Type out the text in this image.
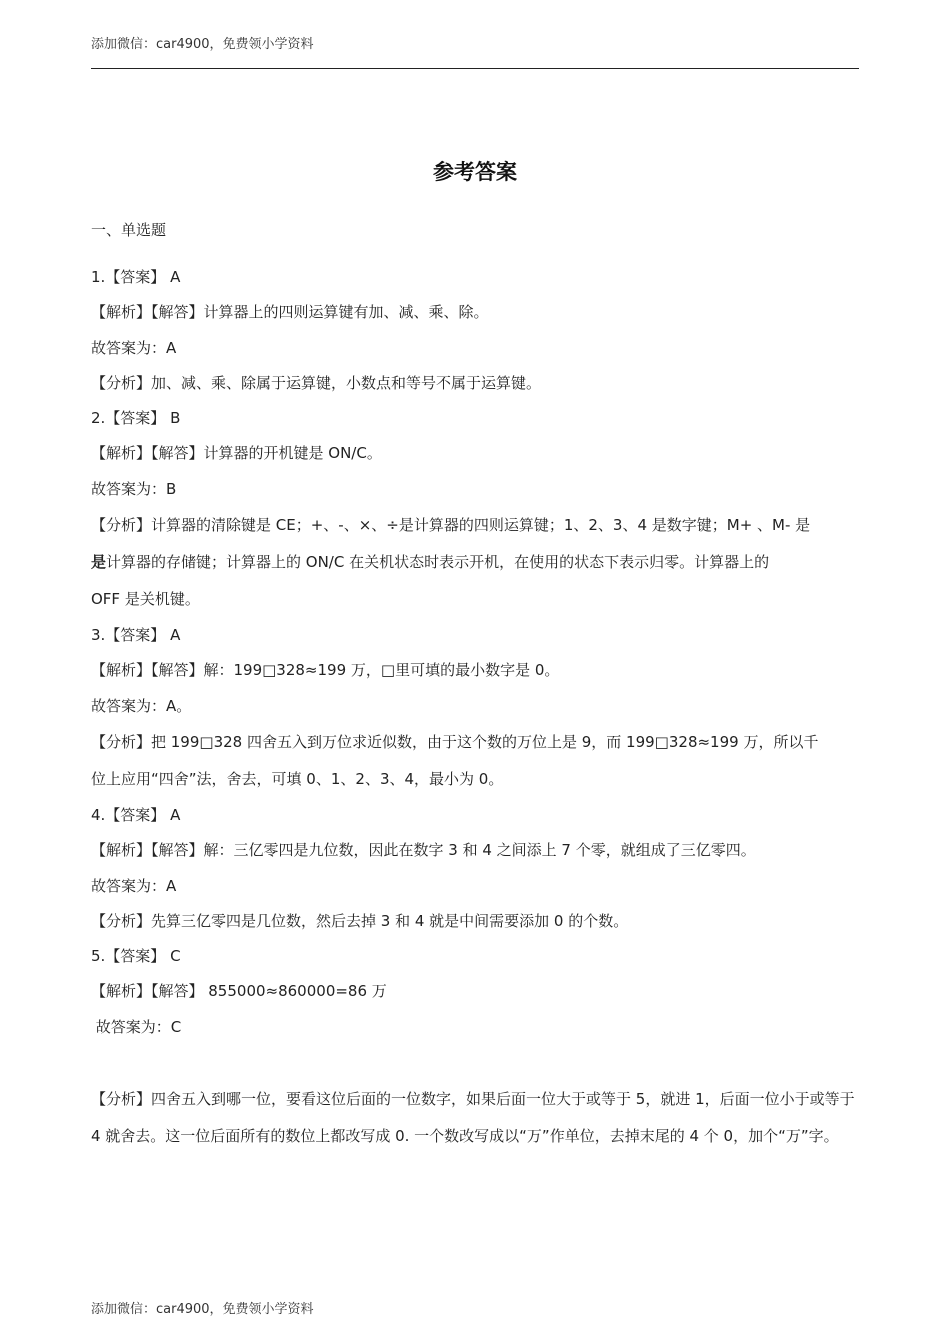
添加微信：car4900，免费领小学资料
参考答案
一、单选题
1.【答案】 A
【解析】【解答】计算器上的四则运算键有加、减、乘、除。
故答案为：A
【分析】加、减、乘、除属于运算键，小数点和等号不属于运算键。
2.【答案】 B
【解析】【解答】计算器的开机键是 ON/C。
故答案为：B
【分析】计算器的清除键是 CE；+、-、×、÷是计算器的四则运算键；1、2、3、4 是数字键；M+ 、M- 是
是计算器的存储键；计算器上的 ON/C 在关机状态时表示开机，在使用的状态下表示归零。计算器上的
OFF 是关机键。
3.【答案】 A
【解析】【解答】解：199□328≈199 万，□里可填的最小数字是 0。
故答案为：A。
【分析】把 199□328 四舍五入到万位求近似数，由于这个数的万位上是 9，而 199□328≈199 万，所以千
位上应用“四舍”法，舍去，可填 0、1、2、3、4，最小为 0。
4.【答案】 A
【解析】【解答】解：三亿零四是九位数，因此在数字 3 和 4 之间添上 7 个零，就组成了三亿零四。
故答案为：A
【分析】先算三亿零四是几位数，然后去掉 3 和 4 就是中间需要添加 0 的个数。
5.【答案】 C
【解析】【解答】 855000≈860000=86 万
故答案为：C
【分析】四舍五入到哪一位，要看这位后面的一位数字，如果后面一位大于或等于 5，就进 1，后面一位小于或等于 4 就舍去。这一位后面所有的数位上都改写成 0. 一个数改写成以“万”作单位，去掉末尾的 4 个 0，加个“万”字。
添加微信：car4900，免费领小学资料
